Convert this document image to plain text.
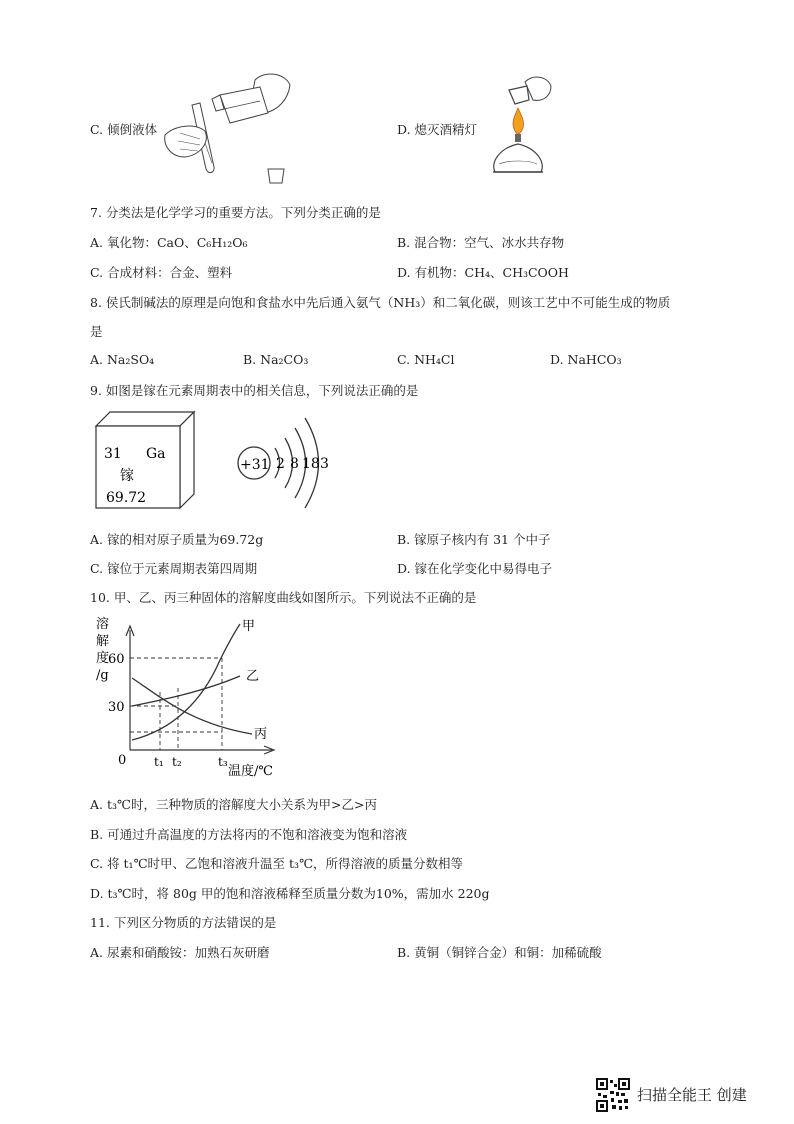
C. 倾倒液体	D. 熄灭酒精灯
7. 分类法是化学学习的重要方法。下列分类正确的是
A. 氧化物：CaO、C₆H₁₂O₆	B. 混合物：空气、冰水共存物
C. 合成材料：合金、塑料	D. 有机物：CH₄、CH₃COOH
8. 侯氏制碱法的原理是向饱和食盐水中先后通入氨气（NH₃）和二氧化碳，则该工艺中不可能生成的物质
是
A. Na₂SO₄	B. Na₂CO₃	C. NH₄Cl	D. NaHCO₃
9. 如图是镓在元素周期表中的相关信息，下列说法正确的是
31 Ga
镓
69.72
+31 2 8 18 3
A. 镓的相对原子质量为69.72g	B. 镓原子核内有 31 个中子
C. 镓位于元素周期表第四周期	D. 镓在化学变化中易得电子
10. 甲、乙、丙三种固体的溶解度曲线如图所示。下列说法不正确的是
溶
解
度
/g
60
30
0 t₁ t₂	t₃
温度/℃
甲
乙
丙
A. t₃℃时，三种物质的溶解度大小关系为甲>乙>丙
B. 可通过升高温度的方法将丙的不饱和溶液变为饱和溶液
C. 将 t₁℃时甲、乙饱和溶液升温至 t₃℃，所得溶液的质量分数相等
D. t₃℃时，将 80g 甲的饱和溶液稀释至质量分数为10%，需加水 220g
11. 下列区分物质的方法错误的是
A. 尿素和硝酸铵：加熟石灰研磨	B. 黄铜（铜锌合金）和铜：加稀硫酸
扫描全能王 创建
